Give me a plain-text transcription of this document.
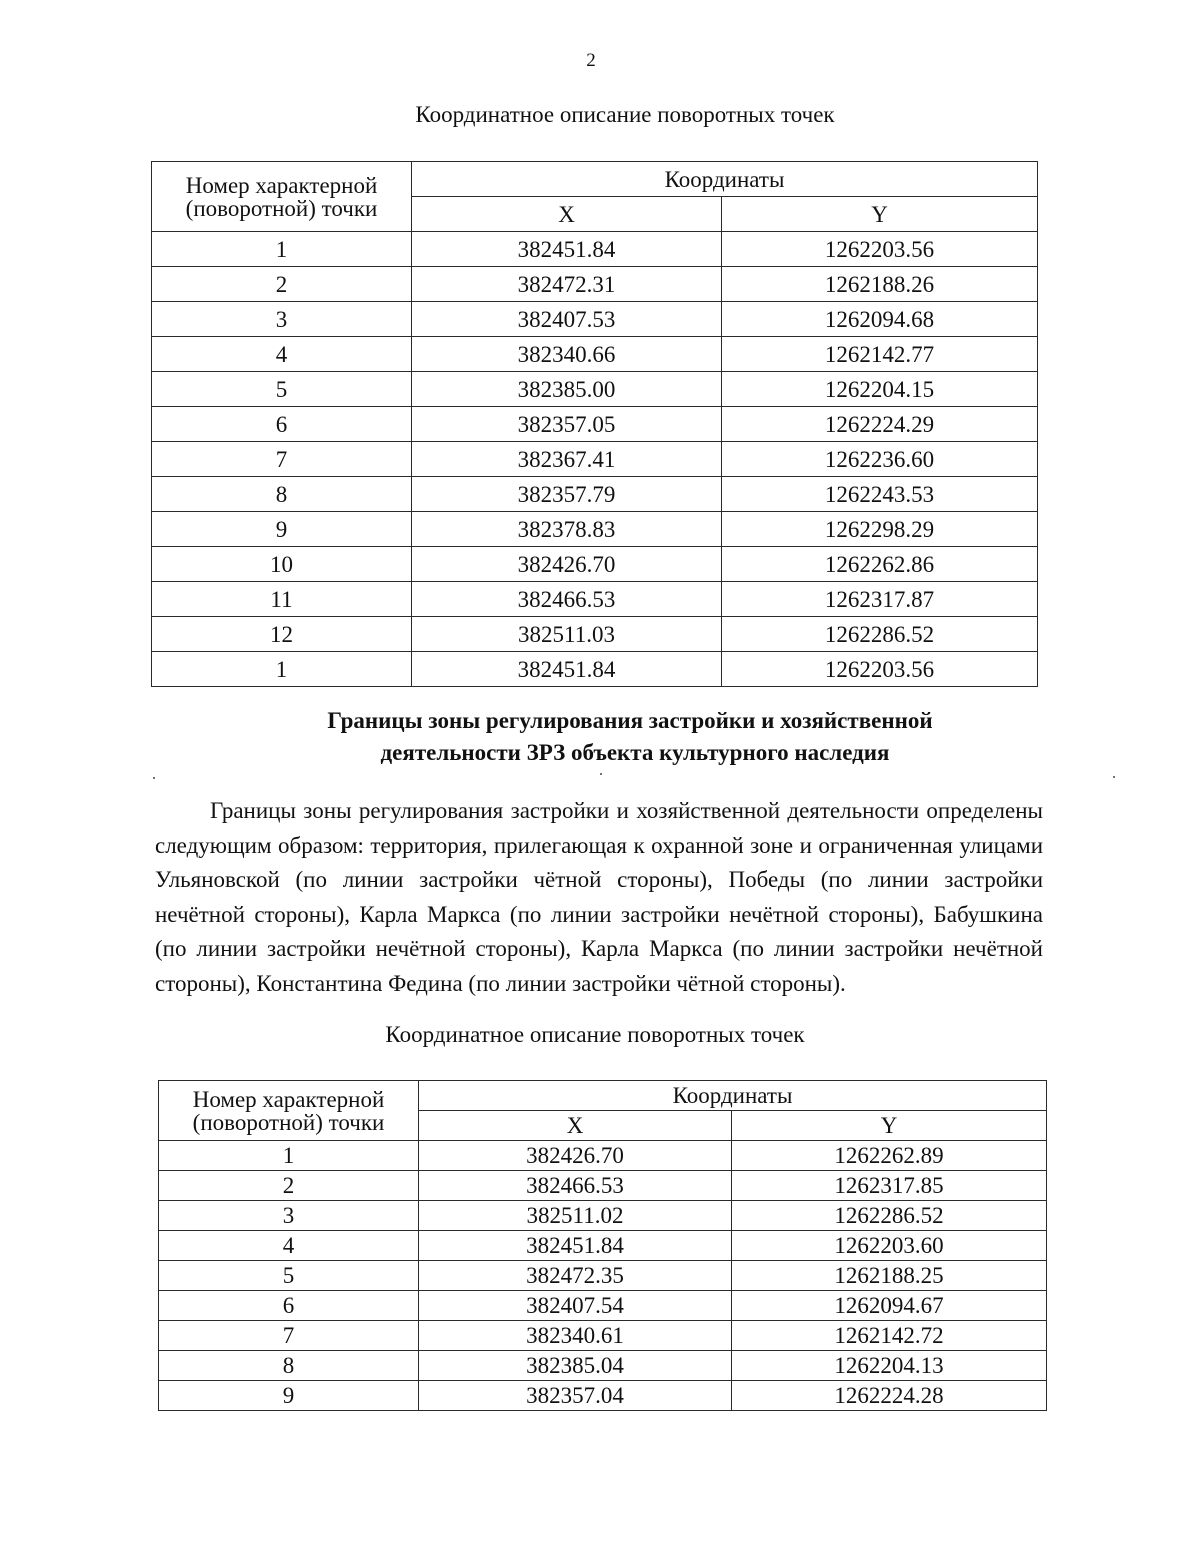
2
Координатное описание поворотных точек
Номер характерной
(поворотной) точки	Координаты	
	X	Y
1	382451.84	1262203.56
2	382472.31	1262188.26
3	382407.53	1262094.68
4	382340.66	1262142.77
5	382385.00	1262204.15
6	382357.05	1262224.29
7	382367.41	1262236.60
8	382357.79	1262243.53
9	382378.83	1262298.29
10	382426.70	1262262.86
11	382466.53	1262317.87
12	382511.03	1262286.52
1	382451.84	1262203.56
Границы зоны регулирования застройки и хозяйственной
деятельности ЗРЗ объекта культурного наследия
Границы зоны регулирования застройки и хозяйственной деятельности определены следующим образом: территория, прилегающая к охранной зоне и ограниченная улицами Ульяновской (по линии застройки чётной стороны), Победы (по линии застройки нечётной стороны), Карла Маркса (по линии застройки нечётной стороны), Бабушкина (по линии застройки нечётной стороны), Карла Маркса (по линии застройки нечётной стороны), Константина Федина (по линии застройки чётной стороны).
Координатное описание поворотных точек
Номер характерной
(поворотной) точки	Координаты	
	X	Y
1	382426.70	1262262.89
2	382466.53	1262317.85
3	382511.02	1262286.52
4	382451.84	1262203.60
5	382472.35	1262188.25
6	382407.54	1262094.67
7	382340.61	1262142.72
8	382385.04	1262204.13
9	382357.04	1262224.28
